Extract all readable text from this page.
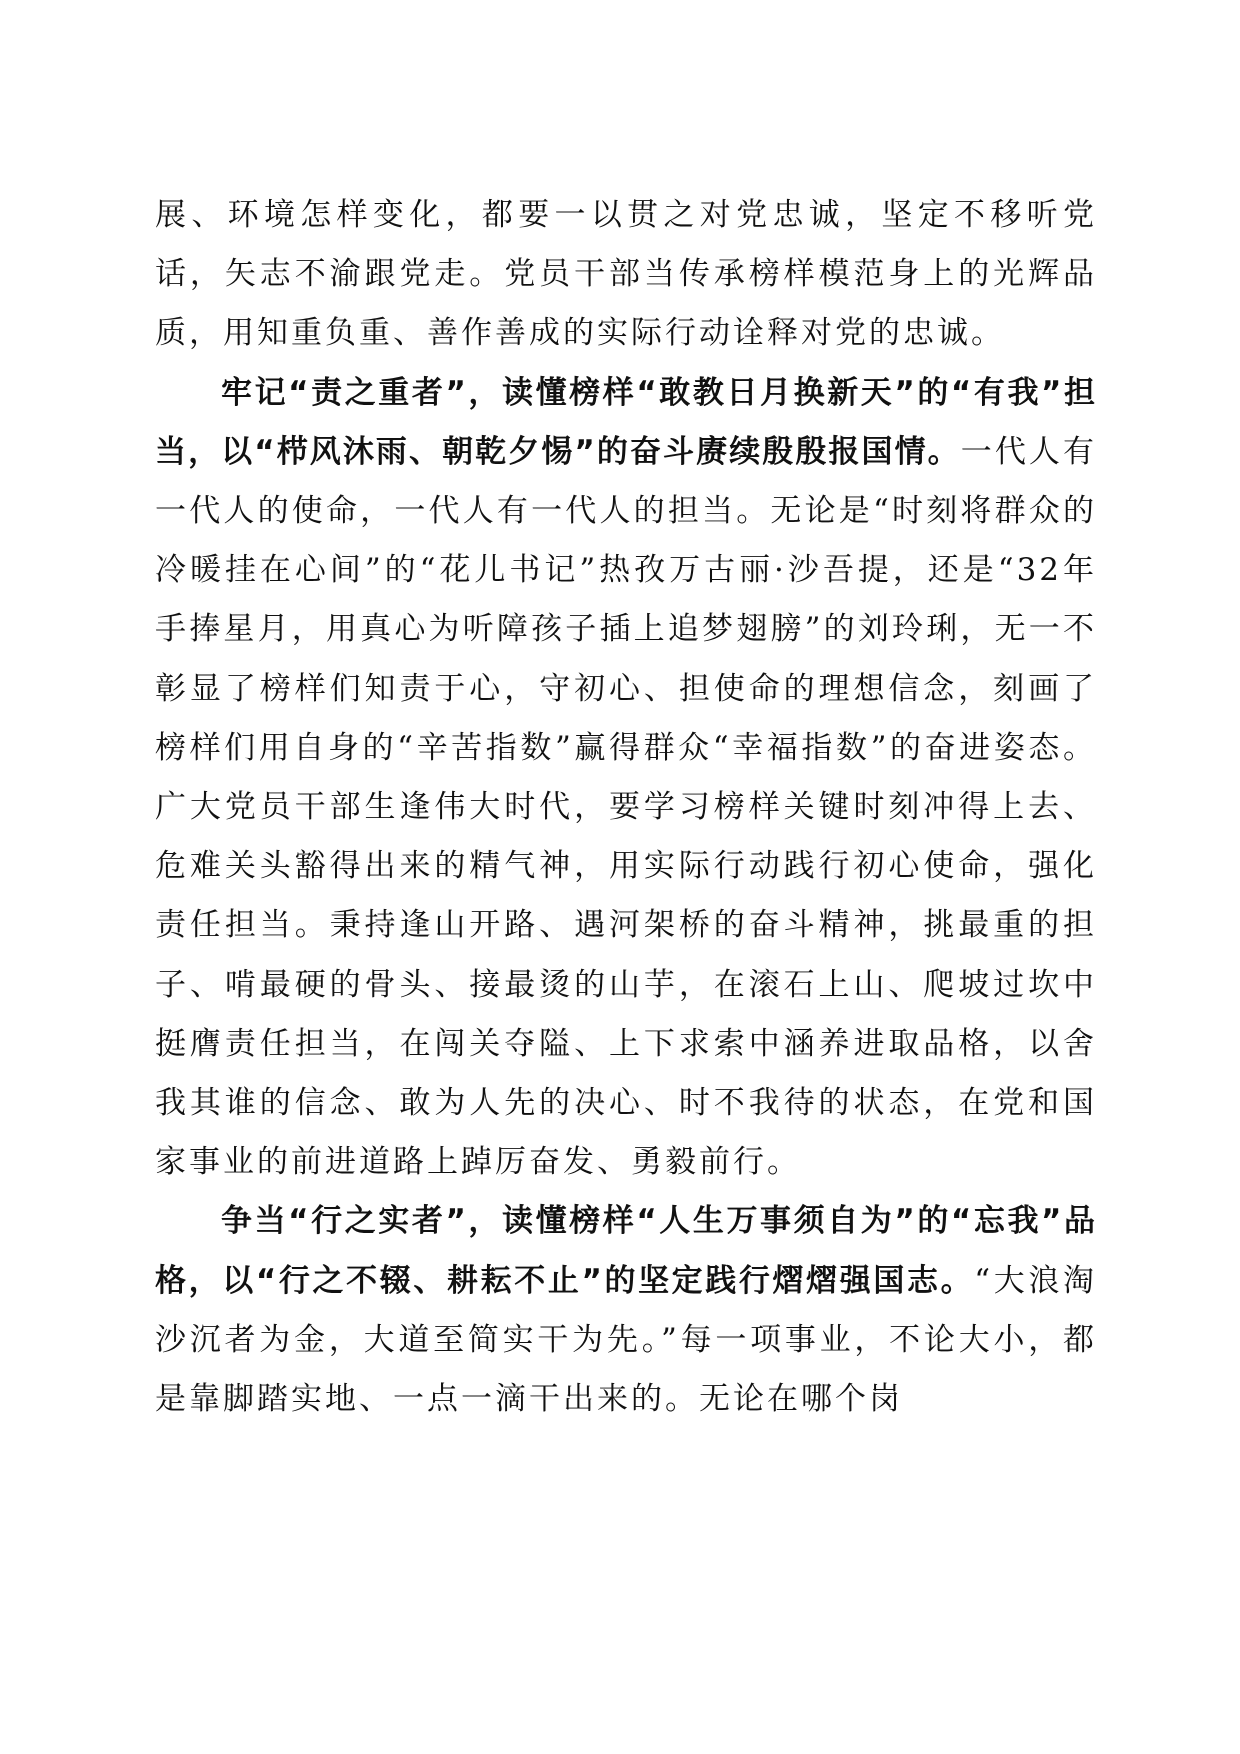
展、环境怎样变化，都要一以贯之对党忠诚，坚定不移听党话，矢志不渝跟党走。党员干部当传承榜样模范身上的光辉品质，用知重负重、善作善成的实际行动诠释对党的忠诚。

牢记“责之重者”，读懂榜样“敢教日月换新天”的“有我”担当，以“栉风沐雨、朝乾夕惕”的奋斗赓续殷殷报国情。一代人有一代人的使命，一代人有一代人的担当。无论是“时刻将群众的冷暖挂在心间”的“花儿书记”热孜万古丽·沙吾提，还是“32年手捧星月，用真心为听障孩子插上追梦翅膀”的刘玲琍，无一不彰显了榜样们知责于心，守初心、担使命的理想信念，刻画了榜样们用自身的“辛苦指数”赢得群众“幸福指数”的奋进姿态。广大党员干部生逢伟大时代，要学习榜样关键时刻冲得上去、危难关头豁得出来的精气神，用实际行动践行初心使命，强化责任担当。秉持逢山开路、遇河架桥的奋斗精神，挑最重的担子、啃最硬的骨头、接最烫的山芋，在滚石上山、爬坡过坎中挺膺责任担当，在闯关夺隘、上下求索中涵养进取品格，以舍我其谁的信念、敢为人先的决心、时不我待的状态，在党和国家事业的前进道路上踔厉奋发、勇毅前行。

争当“行之实者”，读懂榜样“人生万事须自为”的“忘我”品格，以“行之不辍、耕耘不止”的坚定践行熠熠强国志。“大浪淘沙沉者为金，大道至简实干为先。”每一项事业，不论大小，都是靠脚踏实地、一点一滴干出来的。无论在哪个岗
